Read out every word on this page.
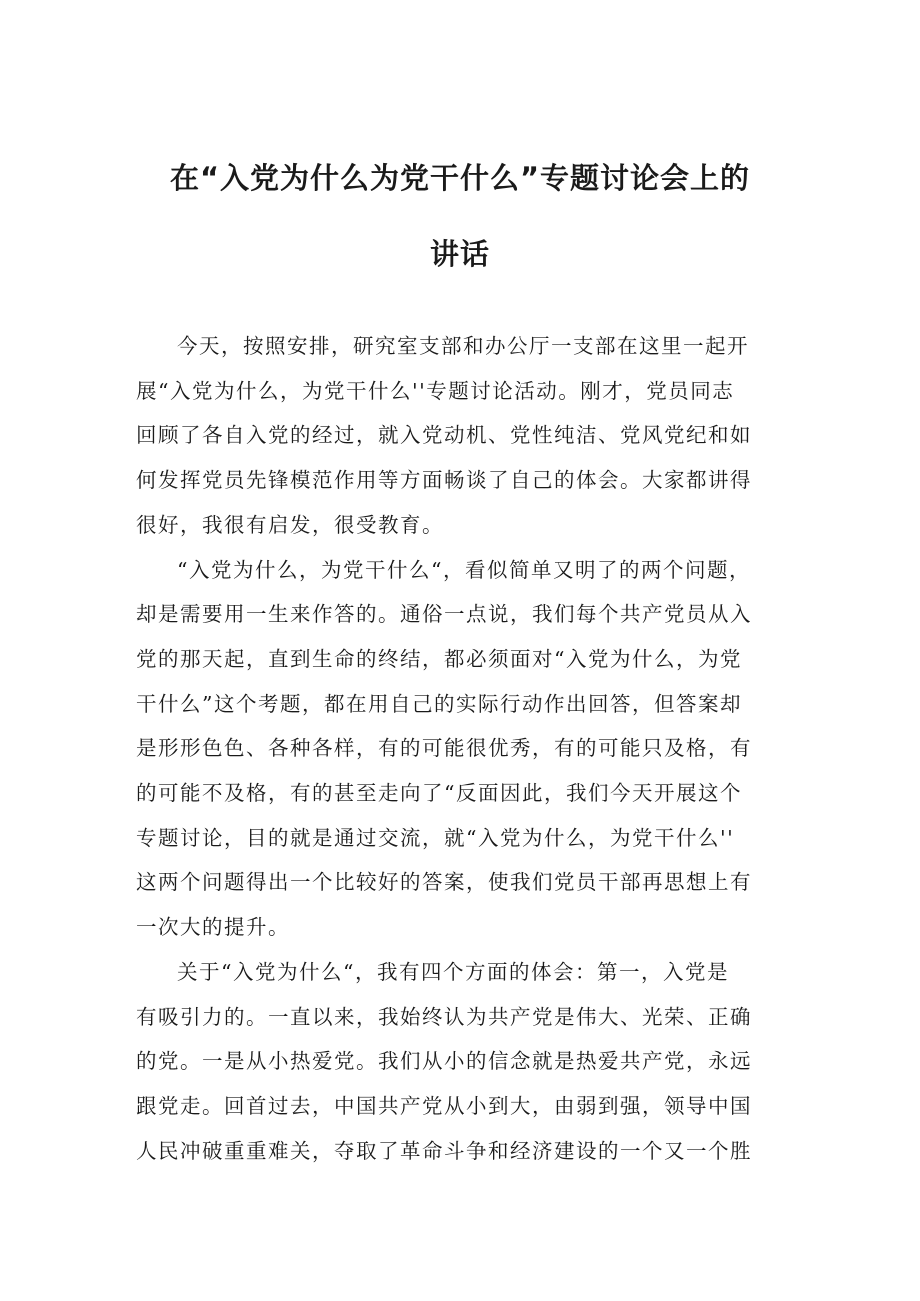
在“入党为什么为党干什么”专题讨论会上的
讲话

今天，按照安排，研究室支部和办公厅一支部在这里一起开
展“入党为什么，为党干什么''专题讨论活动。刚才，党员同志
回顾了各自入党的经过，就入党动机、党性纯洁、党风党纪和如
何发挥党员先锋模范作用等方面畅谈了自己的体会。大家都讲得
很好，我很有启发，很受教育。

“入党为什么，为党干什么“，看似简单又明了的两个问题，
却是需要用一生来作答的。通俗一点说，我们每个共产党员从入
党的那天起，直到生命的终结，都必须面对“入党为什么，为党
干什么”这个考题，都在用自己的实际行动作出回答，但答案却
是形形色色、各种各样，有的可能很优秀，有的可能只及格，有
的可能不及格，有的甚至走向了“反面因此，我们今天开展这个
专题讨论，目的就是通过交流，就“入党为什么，为党干什么''
这两个问题得出一个比较好的答案，使我们党员干部再思想上有
一次大的提升。

关于“入党为什么“，我有四个方面的体会：第一，入党是
有吸引力的。一直以来，我始终认为共产党是伟大、光荣、正确
的党。一是从小热爱党。我们从小的信念就是热爱共产党，永远
跟党走。回首过去，中国共产党从小到大，由弱到强，领导中国
人民冲破重重难关，夺取了革命斗争和经济建设的一个又一个胜
